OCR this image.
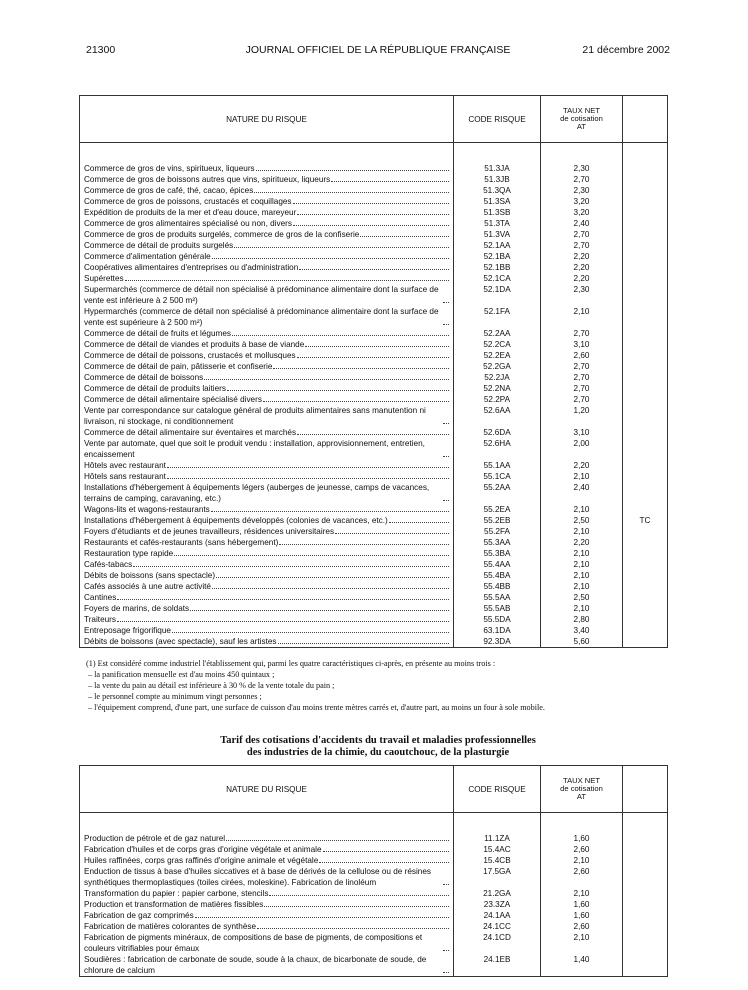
21300	JOURNAL OFFICIEL DE LA RÉPUBLIQUE FRANÇAISE	21 décembre 2002
NATURE DU RISQUE	CODE RISQUE	TAUX NET
de cotisation
AT	

Commerce de gros de vins, spiritueux, liqueurs	51.3JA	2,30	

Commerce de gros de boissons autres que vins, spiritueux, liqueurs	51.3JB	2,70	

Commerce de gros de café, thé, cacao, épices	51.3QA	2,30	

Commerce de gros de poissons, crustacés et coquillages	51.3SA	3,20	

Expédition de produits de la mer et d'eau douce, mareyeur	51.3SB	3,20	

Commerce de gros alimentaires spécialisé ou non, divers	51.3TA	2,40	

Commerce de gros de produits surgelés, commerce de gros de la confiserie	51.3VA	2,70	

Commerce de détail de produits surgelés	52.1AA	2,70	

Commerce d'alimentation générale	52.1BA	2,20	

Coopératives alimentaires d'entreprises ou d'administration	52.1BB	2,20	

Supérettes	52.1CA	2,20	

Supermarchés (commerce de détail non spécialisé à prédominance alimentaire dont la surface de vente est inférieure à 2 500 m²)	52.1DA	2,30	

Hypermarchés (commerce de détail non spécialisé à prédominance alimentaire dont la surface de vente est supérieure à 2 500 m²)	52.1FA	2,10	

Commerce de détail de fruits et légumes	52.2AA	2,70	

Commerce de détail de viandes et produits à base de viande	52.2CA	3,10	

Commerce de détail de poissons, crustacés et mollusques	52.2EA	2,60	

Commerce de détail de pain, pâtisserie et confiserie	52.2GA	2,70	

Commerce de détail de boissons	52.2JA	2,70	

Commerce de détail de produits laitiers	52.2NA	2,70	

Commerce de détail alimentaire spécialisé divers	52.2PA	2,70	

Vente par correspondance sur catalogue général de produits alimentaires sans manutention ni livraison, ni stockage, ni conditionnement	52.6AA	1,20	

Commerce de détail alimentaire sur éventaires et marchés	52.6DA	3,10	

Vente par automate, quel que soit le produit vendu : installation, approvisionnement, entretien, encaissement	52.6HA	2,00	

Hôtels avec restaurant	55.1AA	2,20	

Hôtels sans restaurant	55.1CA	2,10	

Installations d'hébergement à équipements légers (auberges de jeunesse, camps de vacances, terrains de camping, caravaning, etc.)	55.2AA	2,40	

Wagons-lits et wagons-restaurants	55.2EA	2,10	

Installations d'hébergement à équipements développés (colonies de vacances, etc.)	55.2EB	2,50	TC

Foyers d'étudiants et de jeunes travailleurs, résidences universitaires	55.2FA	2,10	

Restaurants et cafés-restaurants (sans hébergement)	55.3AA	2,20	

Restauration type rapide	55.3BA	2,10	

Cafés-tabacs	55.4AA	2,10	

Débits de boissons (sans spectacle)	55.4BA	2,10	

Cafés associés à une autre activité	55.4BB	2,10	

Cantines	55.5AA	2,50	

Foyers de marins, de soldats	55.5AB	2,10	

Traiteurs	55.5DA	2,80	

Entreposage frigorifique	63.1DA	3,40	

Débits de boissons (avec spectacle), sauf les artistes	92.3DA	5,60	
(1) Est considéré comme industriel l'établissement qui, parmi les quatre caractéristiques ci-après, en présente au moins trois :
– la panification mensuelle est d'au moins 450 quintaux ;
– la vente du pain au détail est inférieure à 30 % de la vente totale du pain ;
– le personnel compte au minimum vingt personnes ;
– l'équipement comprend, d'une part, une surface de cuisson d'au moins trente mètres carrés et, d'autre part, au moins un four à sole mobile.
Tarif des cotisations d'accidents du travail et maladies professionnelles
des industries de la chimie, du caoutchouc, de la plasturgie
NATURE DU RISQUE	CODE RISQUE	TAUX NET
de cotisation
AT	

Production de pétrole et de gaz naturel	11.1ZA	1,60	

Fabrication d'huiles et de corps gras d'origine végétale et animale	15.4AC	2,60	

Huiles raffinées, corps gras raffinés d'origine animale et végétale	15.4CB	2,10	

Enduction de tissus à base d'huiles siccatives et à base de dérivés de la cellulose ou de résines synthétiques thermoplastiques (toiles cirées, moleskine). Fabrication de linoléum	17.5GA	2,60	

Transformation du papier : papier carbone, stencils	21.2GA	2,10	

Production et transformation de matières fissibles	23.3ZA	1,60	

Fabrication de gaz comprimés	24.1AA	1,60	

Fabrication de matières colorantes de synthèse	24.1CC	2,60	

Fabrication de pigments minéraux, de compositions de base de pigments, de compositions et couleurs vitrifiables pour émaux	24.1CD	2,10	

Soudières : fabrication de carbonate de soude, soude à la chaux, de bicarbonate de soude, de chlorure de calcium	24.1EB	1,40	
